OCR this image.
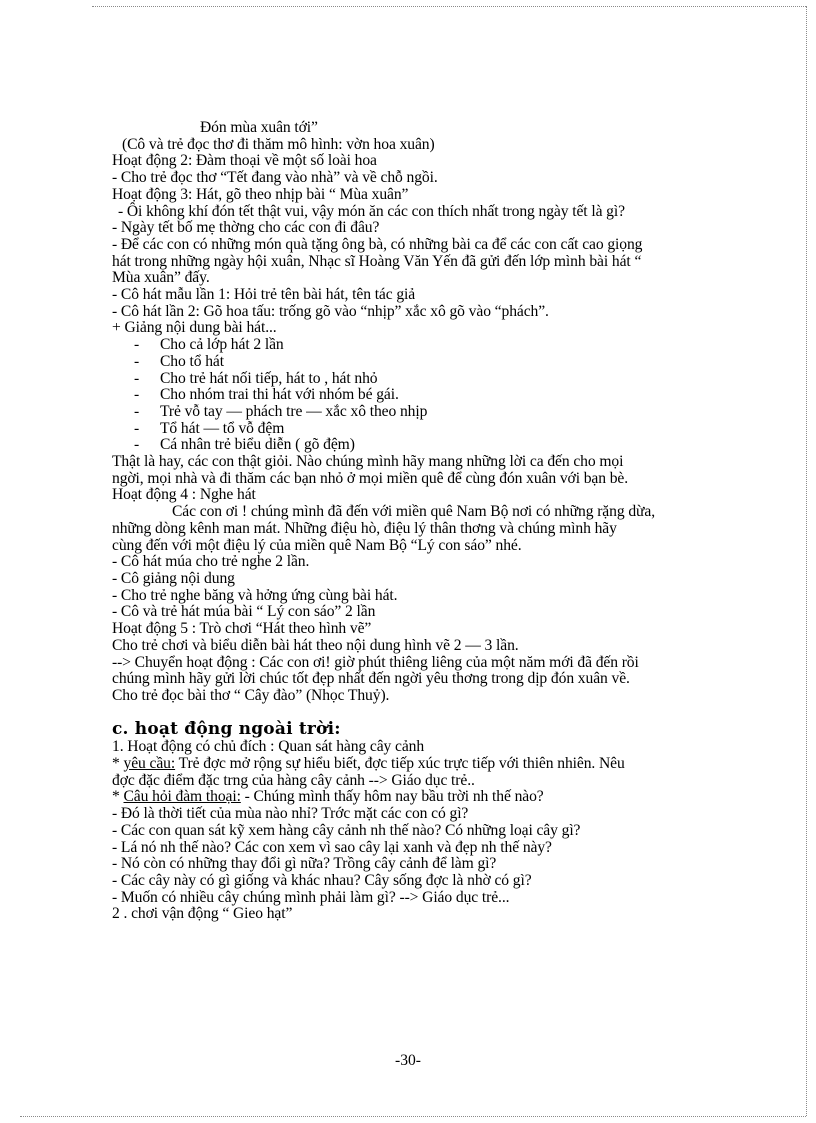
Đón mùa xuân tới”
(Cô và trẻ đọc thơ đi thăm mô hình: vờn hoa xuân)
Hoạt động 2: Đàm thoại về một số loài hoa
- Cho trẻ đọc thơ “Tết đang vào nhà” và về chỗ ngồi.
Hoạt động 3: Hát, gõ theo nhịp bài “ Mùa xuân”
- Ôi không khí đón tết thật vui, vậy món ăn các con thích nhất trong ngày tết là gì?
- Ngày tết bố mẹ thờng cho các con đi đâu?
- Để các con có những món quà tặng ông bà, có những bài ca để các con cất cao giọng
hát trong những ngày hội xuân, Nhạc sĩ Hoàng Văn Yến đã gửi đến lớp mình bài hát “
Mùa xuân” đấy.
- Cô hát mẫu lần 1: Hỏi trẻ tên bài hát, tên tác giả
- Cô hát lần 2: Gõ hoa tấu: trống gõ vào “nhịp” xắc xô gõ vào “phách”.
+ Giảng nội dung bài hát...
-	Cho cả lớp hát 2 lần
-	Cho tổ hát
-	Cho trẻ hát nối tiếp, hát to , hát nhỏ
-	Cho nhóm trai thi hát với nhóm bé gái.
-	Trẻ vỗ tay — phách tre — xắc xô theo nhịp
-	Tổ hát — tổ vỗ đệm
-	Cá nhân trẻ biểu diễn ( gõ đệm)
Thật là hay, các con thật giỏi. Nào chúng mình hãy mang những lời ca đến cho mọi
ngời, mọi nhà và đi thăm các bạn nhỏ ở mọi miền quê để cùng đón xuân với bạn bè.
Hoạt động 4 : Nghe hát
Các con ơi ! chúng mình đã đến với miền quê Nam Bộ nơi có những rặng dừa,
những dòng kênh man mát. Những điệu hò, điệu lý thân thơng và chúng mình hãy
cùng đến với một điệu lý của miền quê Nam Bộ “Lý con sáo” nhé.
- Cô hát múa cho trẻ nghe 2 lần.
- Cô giảng nội dung
- Cho trẻ nghe băng và hởng ứng cùng bài hát.
- Cô và trẻ hát múa bài “ Lý con sáo” 2 lần
Hoạt động 5 : Trò chơi “Hát theo hình vẽ”
Cho trẻ chơi và biểu diễn bài hát theo nội dung hình vẽ 2 — 3 lần.
--> Chuyển hoạt động : Các con ơi! giờ phút thiêng liêng của một năm mới đã đến rồi
chúng mình hãy gửi lời chúc tốt đẹp nhất đến ngời yêu thơng trong dịp đón xuân về.
Cho trẻ đọc bài thơ “ Cây đào” (Nhọc Thuỷ).
c. hoạt động ngoài trời:
1. Hoạt động có chủ đích : Quan sát hàng cây cảnh
* yêu cầu: Trẻ đợc mở rộng sự hiểu biết, đợc tiếp xúc trực tiếp với thiên nhiên. Nêu
đợc đặc điểm đặc trng của hàng cây cảnh --> Giáo dục trẻ..
* Câu hỏi đàm thoại: - Chúng mình thấy hôm nay bầu trời nh thế nào?
- Đó là thời tiết của mùa nào nhỉ? Trớc mặt các con có gì?
- Các con quan sát kỹ xem hàng cây cảnh nh thế nào? Có những loại cây gì?
- Lá nó nh thế nào? Các con xem vì sao cây lại xanh và đẹp nh thế này?
- Nó còn có những thay đổi gì nữa? Trồng cây cảnh để làm gì?
- Các cây này có gì giống và khác nhau? Cây sống đợc là nhờ có gì?
- Muốn có nhiều cây chúng mình phải làm gì? --> Giáo dục trẻ...
2 . chơi vận động “ Gieo hạt”
-30-
